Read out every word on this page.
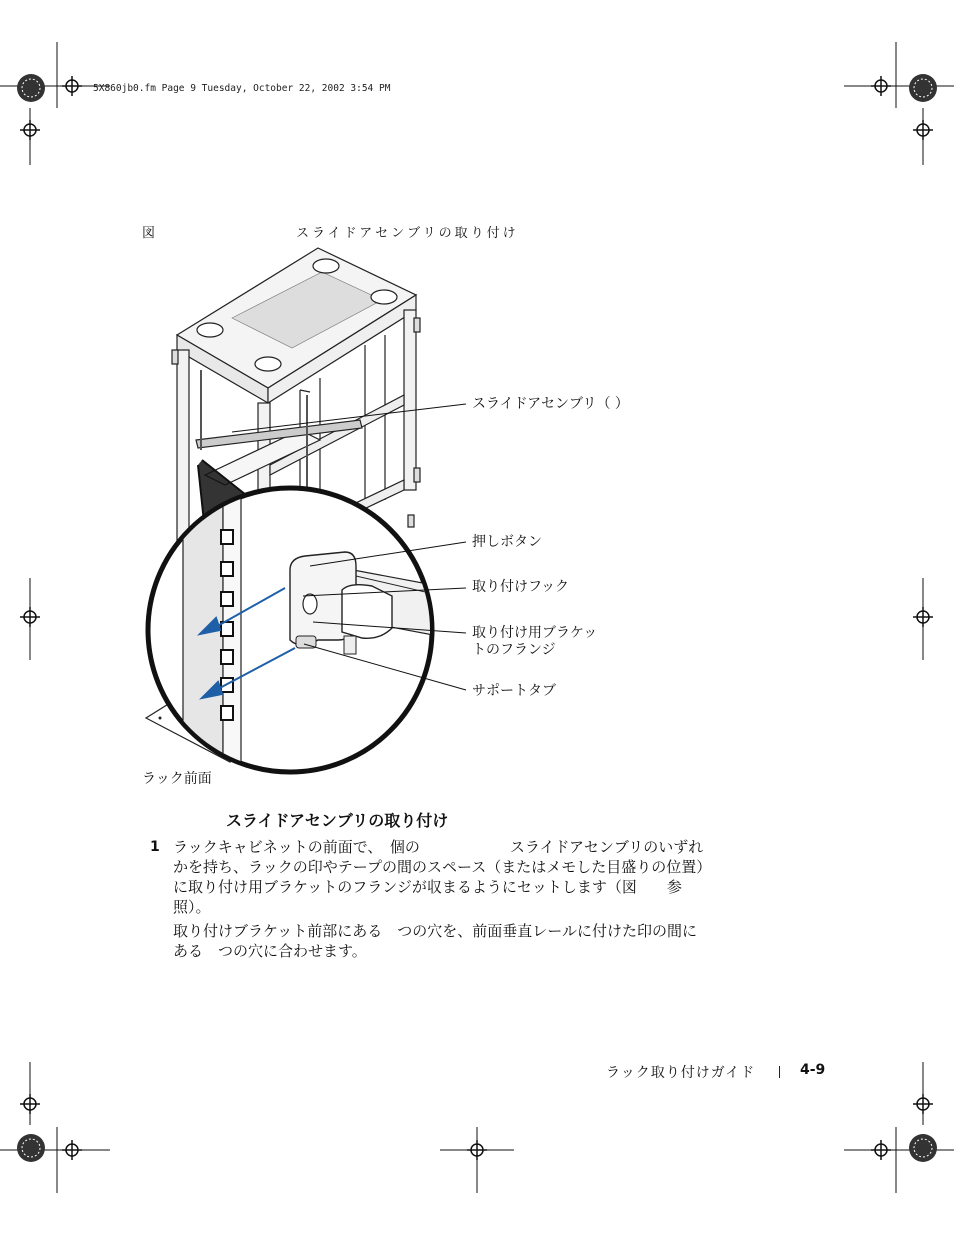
5X860jb0.fm Page 9 Tuesday, October 22, 2002 3:54 PM
図	スライドアセンブリの取り付け
スライドアセンブリ（ ）
押しボタン
取り付けフック
取り付け用ブラケッ
トのフランジ
サポートタブ
ラック前面
スライドアセンブリの取り付け
1 ラックキャビネットの前面で、　個の　　　　　　スライドアセンブリのいずれ
かを持ち、ラックの印やテープの間のスペース（またはメモした目盛りの位置）
に取り付け用ブラケットのフランジが収まるようにセットします（図　　参
照）。
取り付けブラケット前部にある　つの穴を、前面垂直レールに付けた印の間に
ある　つの穴に合わせます。
ラック取り付けガイド	4-9
